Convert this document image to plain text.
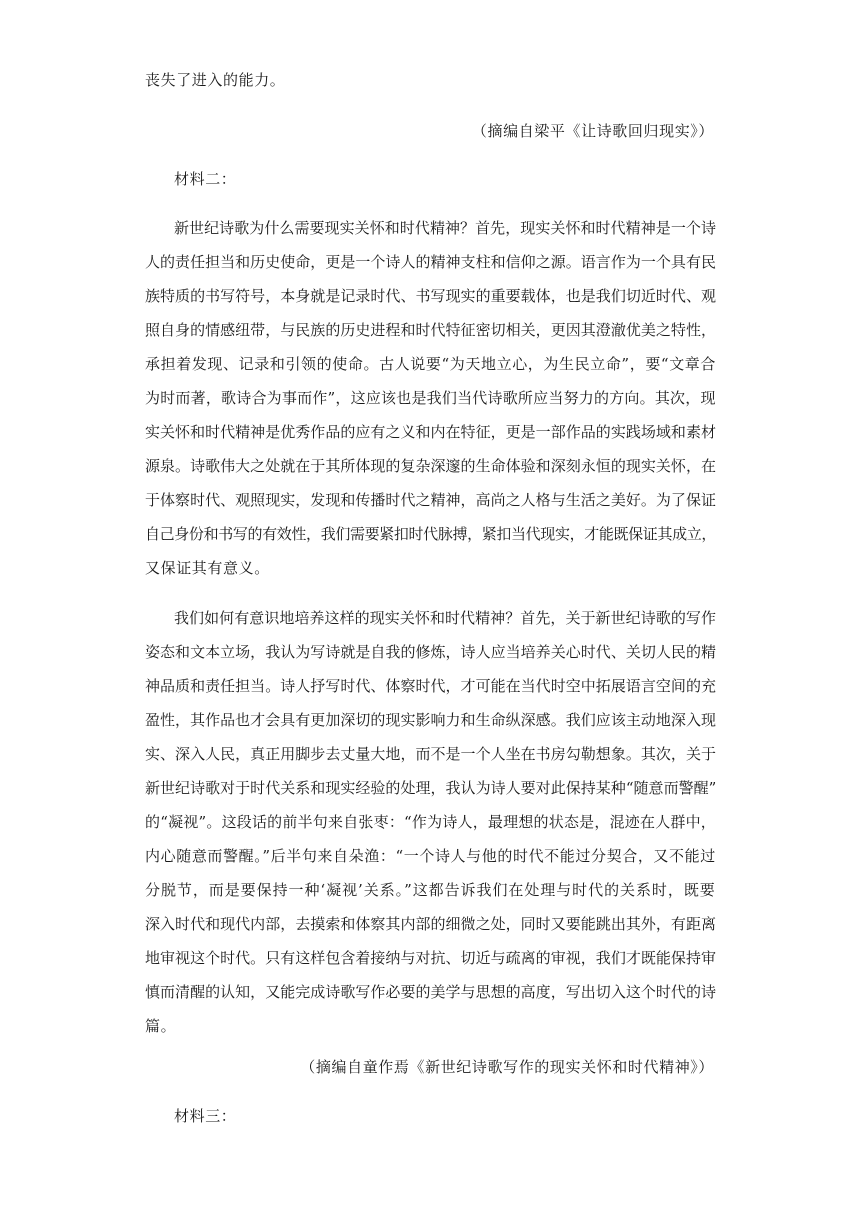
丧失了进入的能力。
（摘编自梁平《让诗歌回归现实》）
材料二：
新世纪诗歌为什么需要现实关怀和时代精神？首先，现实关怀和时代精神是一个诗
人的责任担当和历史使命，更是一个诗人的精神支柱和信仰之源。语言作为一个具有民
族特质的书写符号，本身就是记录时代、书写现实的重要载体，也是我们切近时代、观
照自身的情感纽带，与民族的历史进程和时代特征密切相关，更因其澄澈优美之特性，
承担着发现、记录和引领的使命。古人说要“为天地立心，为生民立命”，要“文章合
为时而著，歌诗合为事而作”，这应该也是我们当代诗歌所应当努力的方向。其次，现
实关怀和时代精神是优秀作品的应有之义和内在特征，更是一部作品的实践场域和素材
源泉。诗歌伟大之处就在于其所体现的复杂深邃的生命体验和深刻永恒的现实关怀，在
于体察时代、观照现实，发现和传播时代之精神，高尚之人格与生活之美好。为了保证
自己身份和书写的有效性，我们需要紧扣时代脉搏，紧扣当代现实，才能既保证其成立，
又保证其有意义。
我们如何有意识地培养这样的现实关怀和时代精神？首先，关于新世纪诗歌的写作
姿态和文本立场，我认为写诗就是自我的修炼，诗人应当培养关心时代、关切人民的精
神品质和责任担当。诗人抒写时代、体察时代，才可能在当代时空中拓展语言空间的充
盈性，其作品也才会具有更加深切的现实影响力和生命纵深感。我们应该主动地深入现
实、深入人民，真正用脚步去丈量大地，而不是一个人坐在书房勾勒想象。其次，关于
新世纪诗歌对于时代关系和现实经验的处理，我认为诗人要对此保持某种“随意而警醒”
的“凝视”。这段话的前半句来自张枣：“作为诗人，最理想的状态是，混迹在人群中，
内心随意而警醒。”后半句来自朵渔：“一个诗人与他的时代不能过分契合，又不能过
分脱节，而是要保持一种‘凝视’关系。”这都告诉我们在处理与时代的关系时，既要
深入时代和现代内部，去摸索和体察其内部的细微之处，同时又要能跳出其外，有距离
地审视这个时代。只有这样包含着接纳与对抗、切近与疏离的审视，我们才既能保持审
慎而清醒的认知，又能完成诗歌写作必要的美学与思想的高度，写出切入这个时代的诗
篇。
（摘编自童作焉《新世纪诗歌写作的现实关怀和时代精神》）
材料三：
